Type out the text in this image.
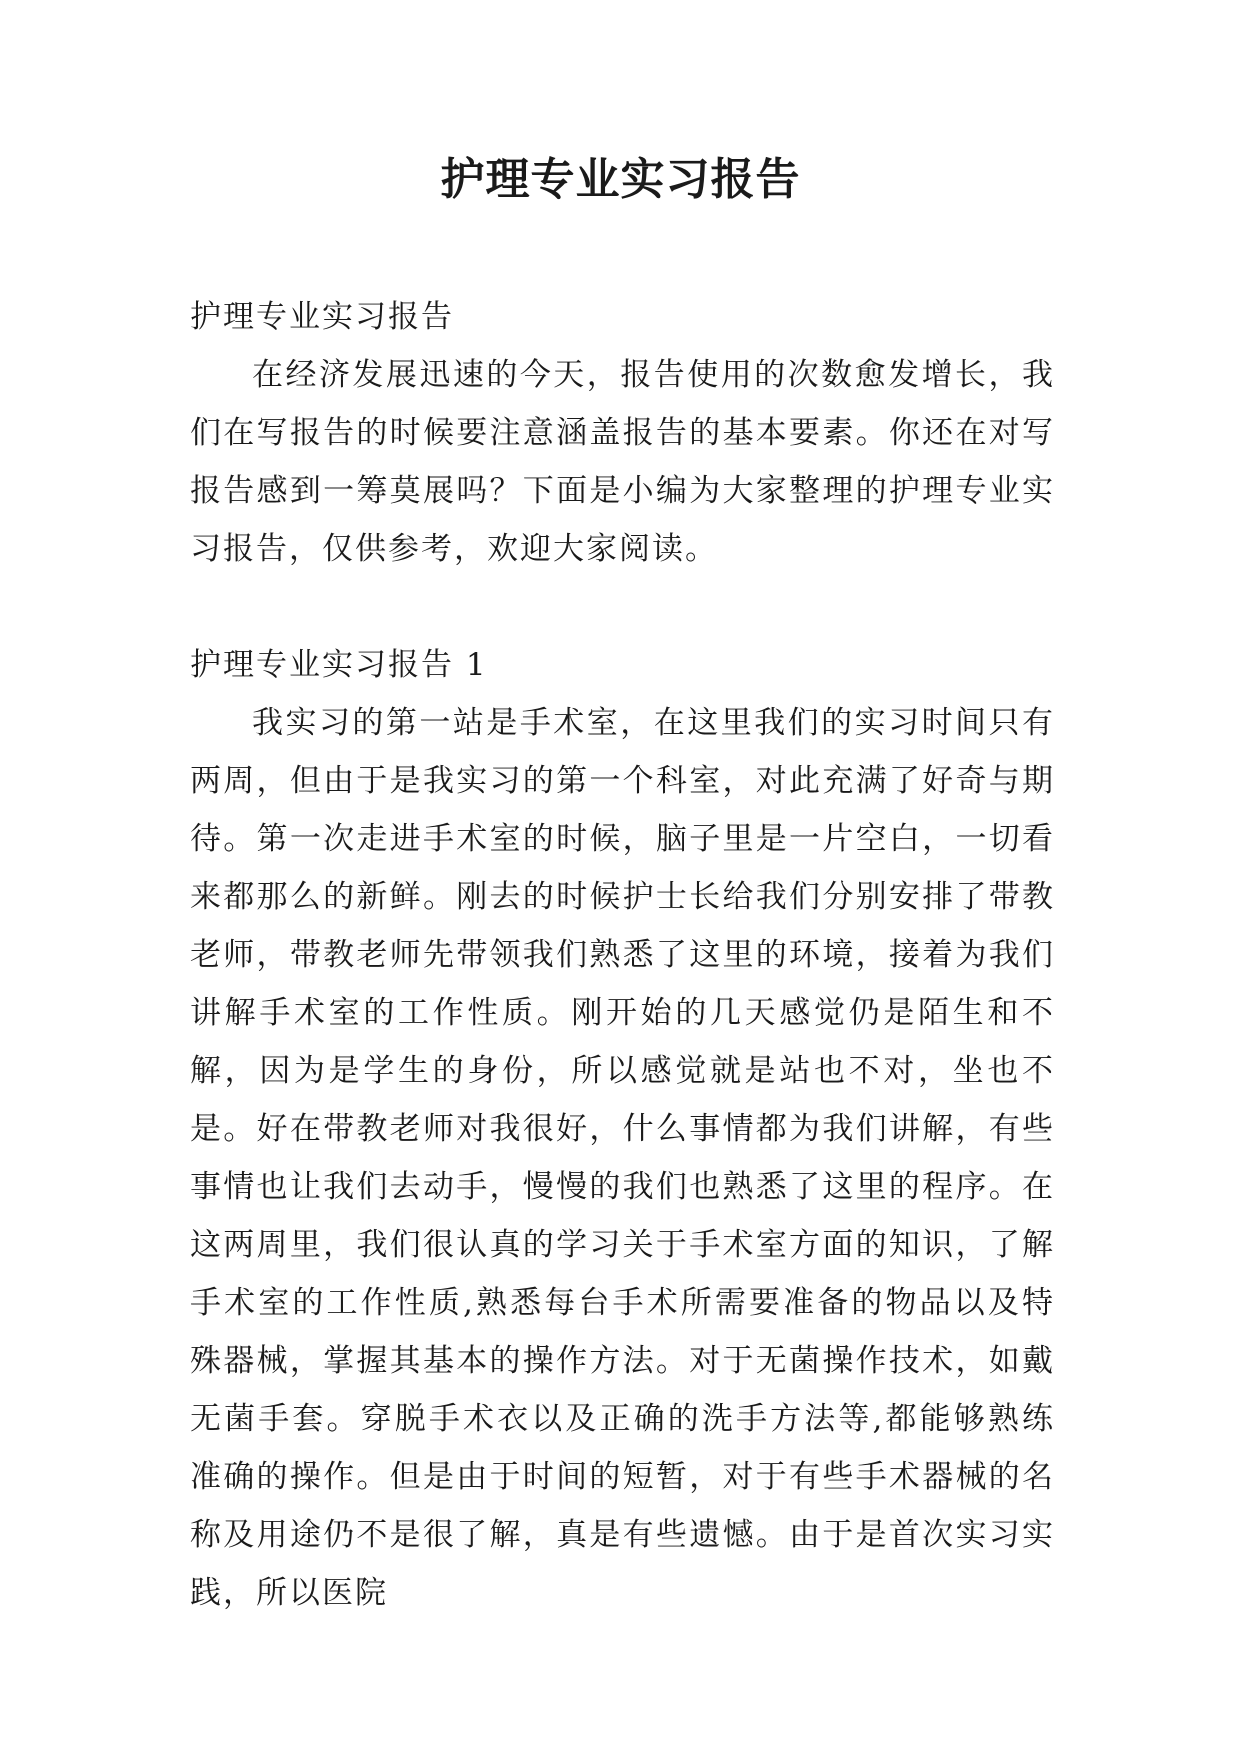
护理专业实习报告
护理专业实习报告

在经济发展迅速的今天，报告使用的次数愈发增长，我们在写报告的时候要注意涵盖报告的基本要素。你还在对写报告感到一筹莫展吗？下面是小编为大家整理的护理专业实习报告，仅供参考，欢迎大家阅读。

护理专业实习报告 1

我实习的第一站是手术室，在这里我们的实习时间只有两周，但由于是我实习的第一个科室，对此充满了好奇与期待。第一次走进手术室的时候，脑子里是一片空白，一切看来都那么的新鲜。刚去的时候护士长给我们分别安排了带教老师，带教老师先带领我们熟悉了这里的环境，接着为我们讲解手术室的工作性质。刚开始的几天感觉仍是陌生和不解，因为是学生的身份，所以感觉就是站也不对，坐也不是。好在带教老师对我很好，什么事情都为我们讲解，有些事情也让我们去动手，慢慢的我们也熟悉了这里的程序。在这两周里，我们很认真的学习关于手术室方面的知识，了解手术室的工作性质,熟悉每台手术所需要准备的物品以及特殊器械，掌握其基本的操作方法。对于无菌操作技术，如戴无菌手套。穿脱手术衣以及正确的洗手方法等,都能够熟练准确的操作。但是由于时间的短暂，对于有些手术器械的名称及用途仍不是很了解，真是有些遗憾。由于是首次实习实践，所以医院
